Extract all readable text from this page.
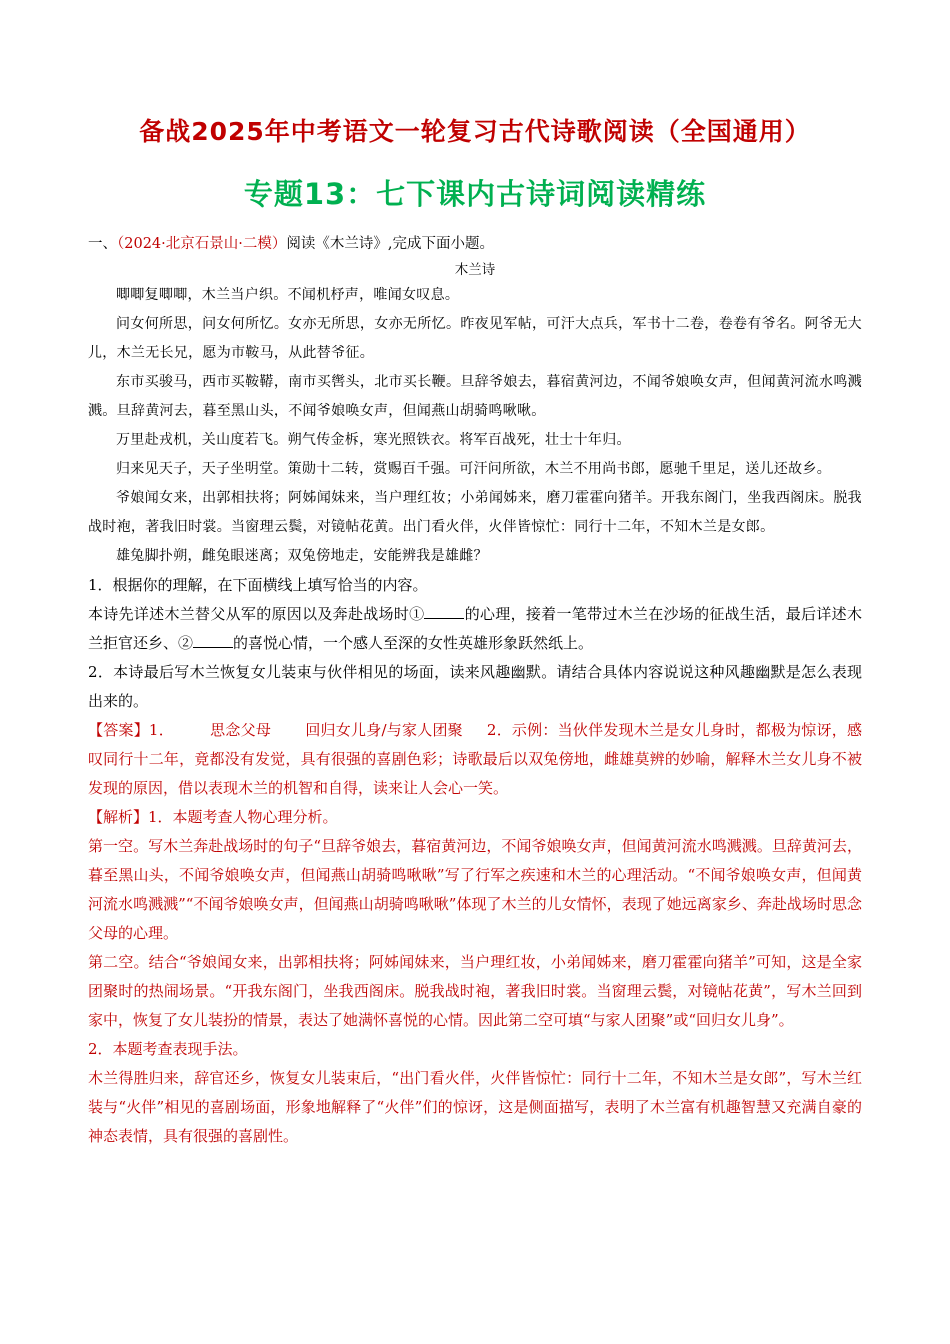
备战2025年中考语文一轮复习古代诗歌阅读（全国通用）
专题13：七下课内古诗词阅读精练
一、（2024·北京石景山·二模）阅读《木兰诗》,完成下面小题。
木兰诗

唧唧复唧唧，木兰当户织。不闻机杼声，唯闻女叹息。

问女何所思，问女何所忆。女亦无所思，女亦无所忆。昨夜见军帖，可汗大点兵，军书十二卷，卷卷有爷名。阿爷无大儿，木兰无长兄，愿为市鞍马，从此替爷征。

东市买骏马，西市买鞍鞯，南市买辔头，北市买长鞭。旦辞爷娘去，暮宿黄河边，不闻爷娘唤女声，但闻黄河流水鸣溅溅。旦辞黄河去，暮至黑山头，不闻爷娘唤女声，但闻燕山胡骑鸣啾啾。

万里赴戎机，关山度若飞。朔气传金柝，寒光照铁衣。将军百战死，壮士十年归。

归来见天子，天子坐明堂。策勋十二转，赏赐百千强。可汗问所欲，木兰不用尚书郎，愿驰千里足，送儿还故乡。

爷娘闻女来，出郭相扶将；阿姊闻妹来，当户理红妆；小弟闻姊来，磨刀霍霍向猪羊。开我东阁门，坐我西阁床。脱我战时袍，著我旧时裳。当窗理云鬓，对镜帖花黄。出门看火伴，火伴皆惊忙：同行十二年，不知木兰是女郎。

雄兔脚扑朔，雌兔眼迷离；双兔傍地走，安能辨我是雄雌？

1．根据你的理解，在下面横线上填写恰当的内容。

本诗先详述木兰替父从军的原因以及奔赴战场时①	的心理，接着一笔带过木兰在沙场的征战生活，最后详述木兰拒官还乡、②	的喜悦心情，一个感人至深的女性英雄形象跃然纸上。

2．本诗最后写木兰恢复女儿装束与伙伴相见的场面，读来风趣幽默。请结合具体内容说说这种风趣幽默是怎么表现出来的。

【答案】1． 思念父母 回归女儿身/与家人团聚 2．示例：当伙伴发现木兰是女儿身时，都极为惊讶，感叹同行十二年，竟都没有发觉，具有很强的喜剧色彩；诗歌最后以双兔傍地，雌雄莫辨的妙喻，解释木兰女儿身不被发现的原因，借以表现木兰的机智和自得，读来让人会心一笑。

【解析】1．本题考查人物心理分析。

第一空。写木兰奔赴战场时的句子“旦辞爷娘去，暮宿黄河边，不闻爷娘唤女声，但闻黄河流水鸣溅溅。旦辞黄河去，暮至黑山头，不闻爷娘唤女声，但闻燕山胡骑鸣啾啾”写了行军之疾速和木兰的心理活动。“不闻爷娘唤女声，但闻黄河流水鸣溅溅”“不闻爷娘唤女声，但闻燕山胡骑鸣啾啾”体现了木兰的儿女情怀，表现了她远离家乡、奔赴战场时思念父母的心理。

第二空。结合“爷娘闻女来，出郭相扶将；阿姊闻妹来，当户理红妆，小弟闻姊来，磨刀霍霍向猪羊”可知，这是全家团聚时的热闹场景。“开我东阁门，坐我西阁床。脱我战时袍，著我旧时裳。当窗理云鬓，对镜帖花黄”，写木兰回到家中，恢复了女儿装扮的情景，表达了她满怀喜悦的心情。因此第二空可填“与家人团聚”或“回归女儿身”。

2．本题考查表现手法。

木兰得胜归来，辞官还乡，恢复女儿装束后，“出门看火伴，火伴皆惊忙：同行十二年，不知木兰是女郎”，写木兰红装与“火伴”相见的喜剧场面，形象地解释了“火伴”们的惊讶，这是侧面描写，表明了木兰富有机趣智慧又充满自豪的神态表情，具有很强的喜剧性。
